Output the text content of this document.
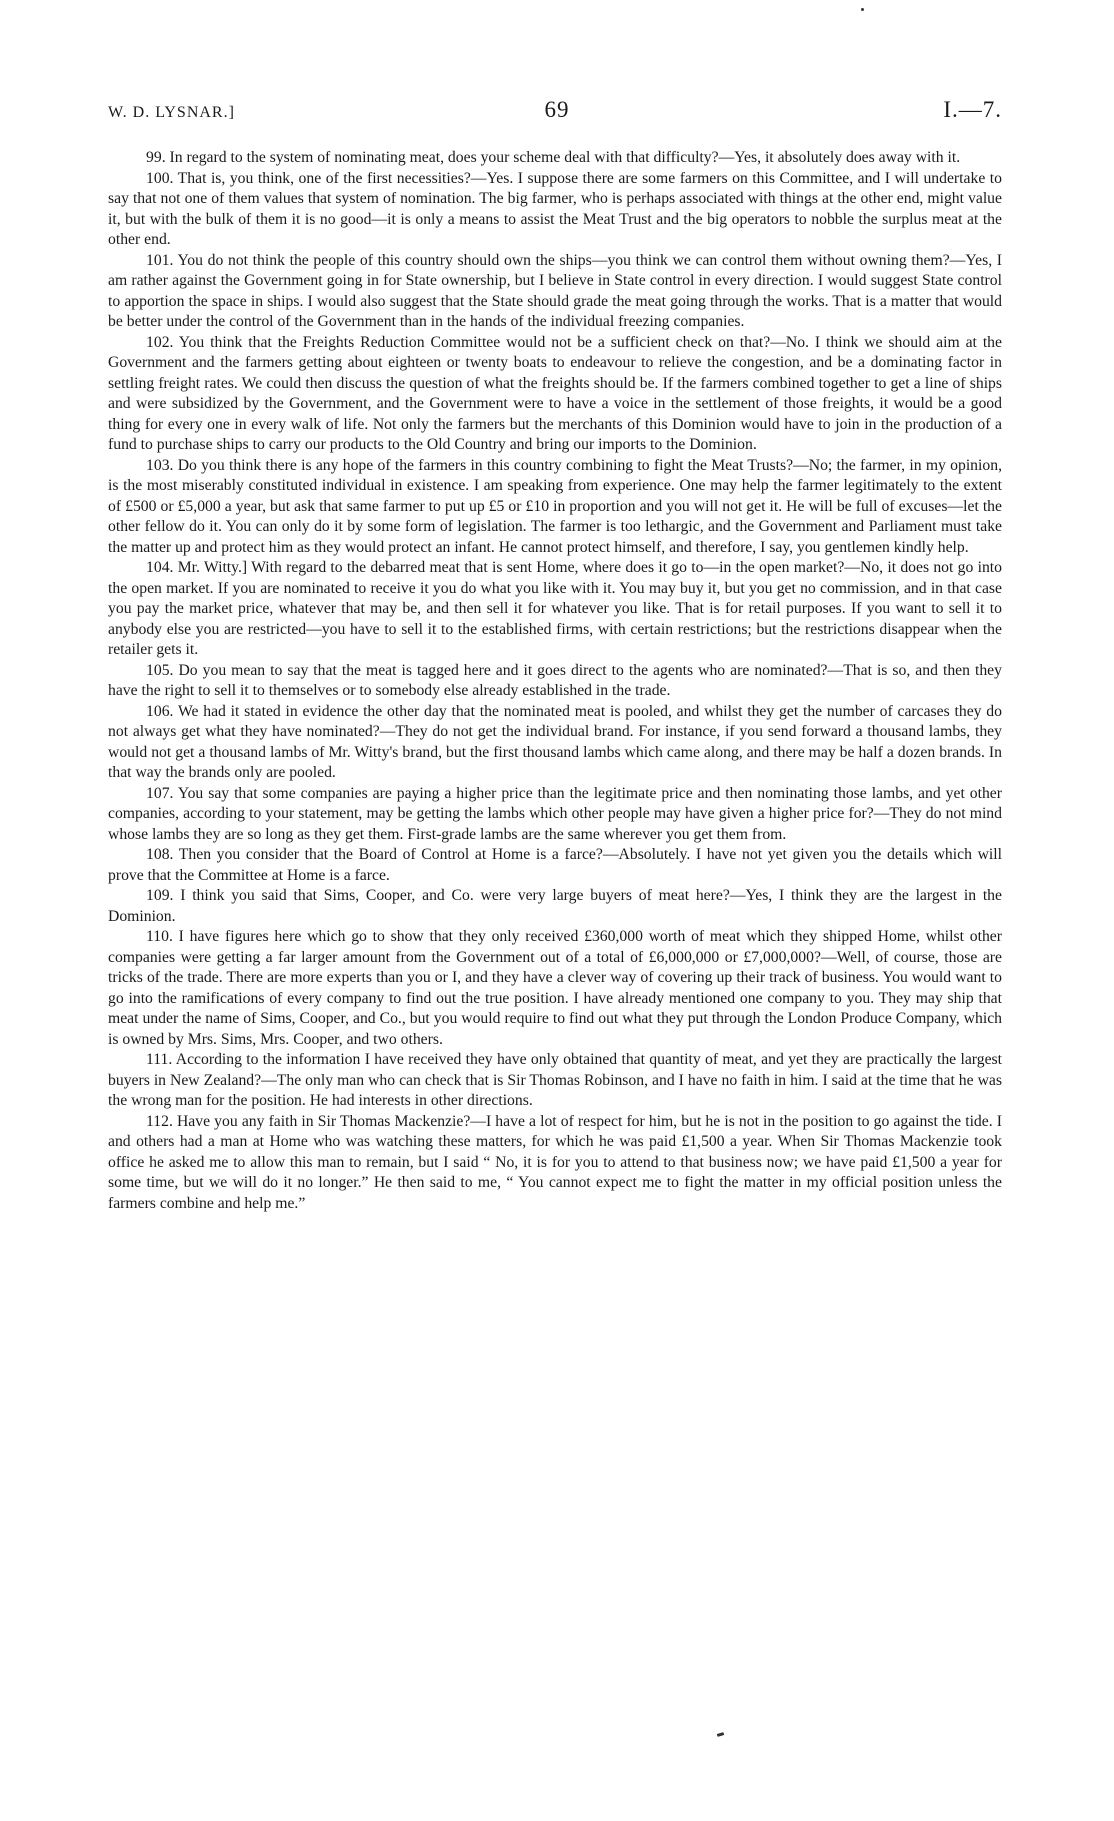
W. D. LYSNAR.]	69	I.—7.

99. In regard to the system of nominating meat, does your scheme deal with that difficulty?—Yes, it absolutely does away with it.

100. That is, you think, one of the first necessities?—Yes. I suppose there are some farmers on this Committee, and I will undertake to say that not one of them values that system of nomination. The big farmer, who is perhaps associated with things at the other end, might value it, but with the bulk of them it is no good—it is only a means to assist the Meat Trust and the big operators to nobble the surplus meat at the other end.

101. You do not think the people of this country should own the ships—you think we can control them without owning them?—Yes, I am rather against the Government going in for State ownership, but I believe in State control in every direction. I would suggest State control to apportion the space in ships. I would also suggest that the State should grade the meat going through the works. That is a matter that would be better under the control of the Government than in the hands of the individual freezing companies.

102. You think that the Freights Reduction Committee would not be a sufficient check on that?—No. I think we should aim at the Government and the farmers getting about eighteen or twenty boats to endeavour to relieve the congestion, and be a dominating factor in settling freight rates. We could then discuss the question of what the freights should be. If the farmers combined together to get a line of ships and were subsidized by the Government, and the Government were to have a voice in the settlement of those freights, it would be a good thing for every one in every walk of life. Not only the farmers but the merchants of this Dominion would have to join in the production of a fund to purchase ships to carry our products to the Old Country and bring our imports to the Dominion.

103. Do you think there is any hope of the farmers in this country combining to fight the Meat Trusts?—No; the farmer, in my opinion, is the most miserably constituted individual in existence. I am speaking from experience. One may help the farmer legitimately to the extent of £500 or £5,000 a year, but ask that same farmer to put up £5 or £10 in proportion and you will not get it. He will be full of excuses—let the other fellow do it. You can only do it by some form of legislation. The farmer is too lethargic, and the Government and Parliament must take the matter up and protect him as they would protect an infant. He cannot protect himself, and therefore, I say, you gentlemen kindly help.

104. Mr. Witty.] With regard to the debarred meat that is sent Home, where does it go to—in the open market?—No, it does not go into the open market. If you are nominated to receive it you do what you like with it. You may buy it, but you get no commission, and in that case you pay the market price, whatever that may be, and then sell it for whatever you like. That is for retail purposes. If you want to sell it to anybody else you are restricted—you have to sell it to the established firms, with certain restrictions; but the restrictions disappear when the retailer gets it.

105. Do you mean to say that the meat is tagged here and it goes direct to the agents who are nominated?—That is so, and then they have the right to sell it to themselves or to somebody else already established in the trade.

106. We had it stated in evidence the other day that the nominated meat is pooled, and whilst they get the number of carcases they do not always get what they have nominated?—They do not get the individual brand. For instance, if you send forward a thousand lambs, they would not get a thousand lambs of Mr. Witty's brand, but the first thousand lambs which came along, and there may be half a dozen brands. In that way the brands only are pooled.

107. You say that some companies are paying a higher price than the legitimate price and then nominating those lambs, and yet other companies, according to your statement, may be getting the lambs which other people may have given a higher price for?—They do not mind whose lambs they are so long as they get them. First-grade lambs are the same wherever you get them from.

108. Then you consider that the Board of Control at Home is a farce?—Absolutely. I have not yet given you the details which will prove that the Committee at Home is a farce.

109. I think you said that Sims, Cooper, and Co. were very large buyers of meat here?—Yes, I think they are the largest in the Dominion.

110. I have figures here which go to show that they only received £360,000 worth of meat which they shipped Home, whilst other companies were getting a far larger amount from the Government out of a total of £6,000,000 or £7,000,000?—Well, of course, those are tricks of the trade. There are more experts than you or I, and they have a clever way of covering up their track of business. You would want to go into the ramifications of every company to find out the true position. I have already mentioned one company to you. They may ship that meat under the name of Sims, Cooper, and Co., but you would require to find out what they put through the London Produce Company, which is owned by Mrs. Sims, Mrs. Cooper, and two others.

111. According to the information I have received they have only obtained that quantity of meat, and yet they are practically the largest buyers in New Zealand?—The only man who can check that is Sir Thomas Robinson, and I have no faith in him. I said at the time that he was the wrong man for the position. He had interests in other directions.

112. Have you any faith in Sir Thomas Mackenzie?—I have a lot of respect for him, but he is not in the position to go against the tide. I and others had a man at Home who was watching these matters, for which he was paid £1,500 a year. When Sir Thomas Mackenzie took office he asked me to allow this man to remain, but I said “ No, it is for you to attend to that business now; we have paid £1,500 a year for some time, but we will do it no longer.” He then said to me, “ You cannot expect me to fight the matter in my official position unless the farmers combine and help me.”
